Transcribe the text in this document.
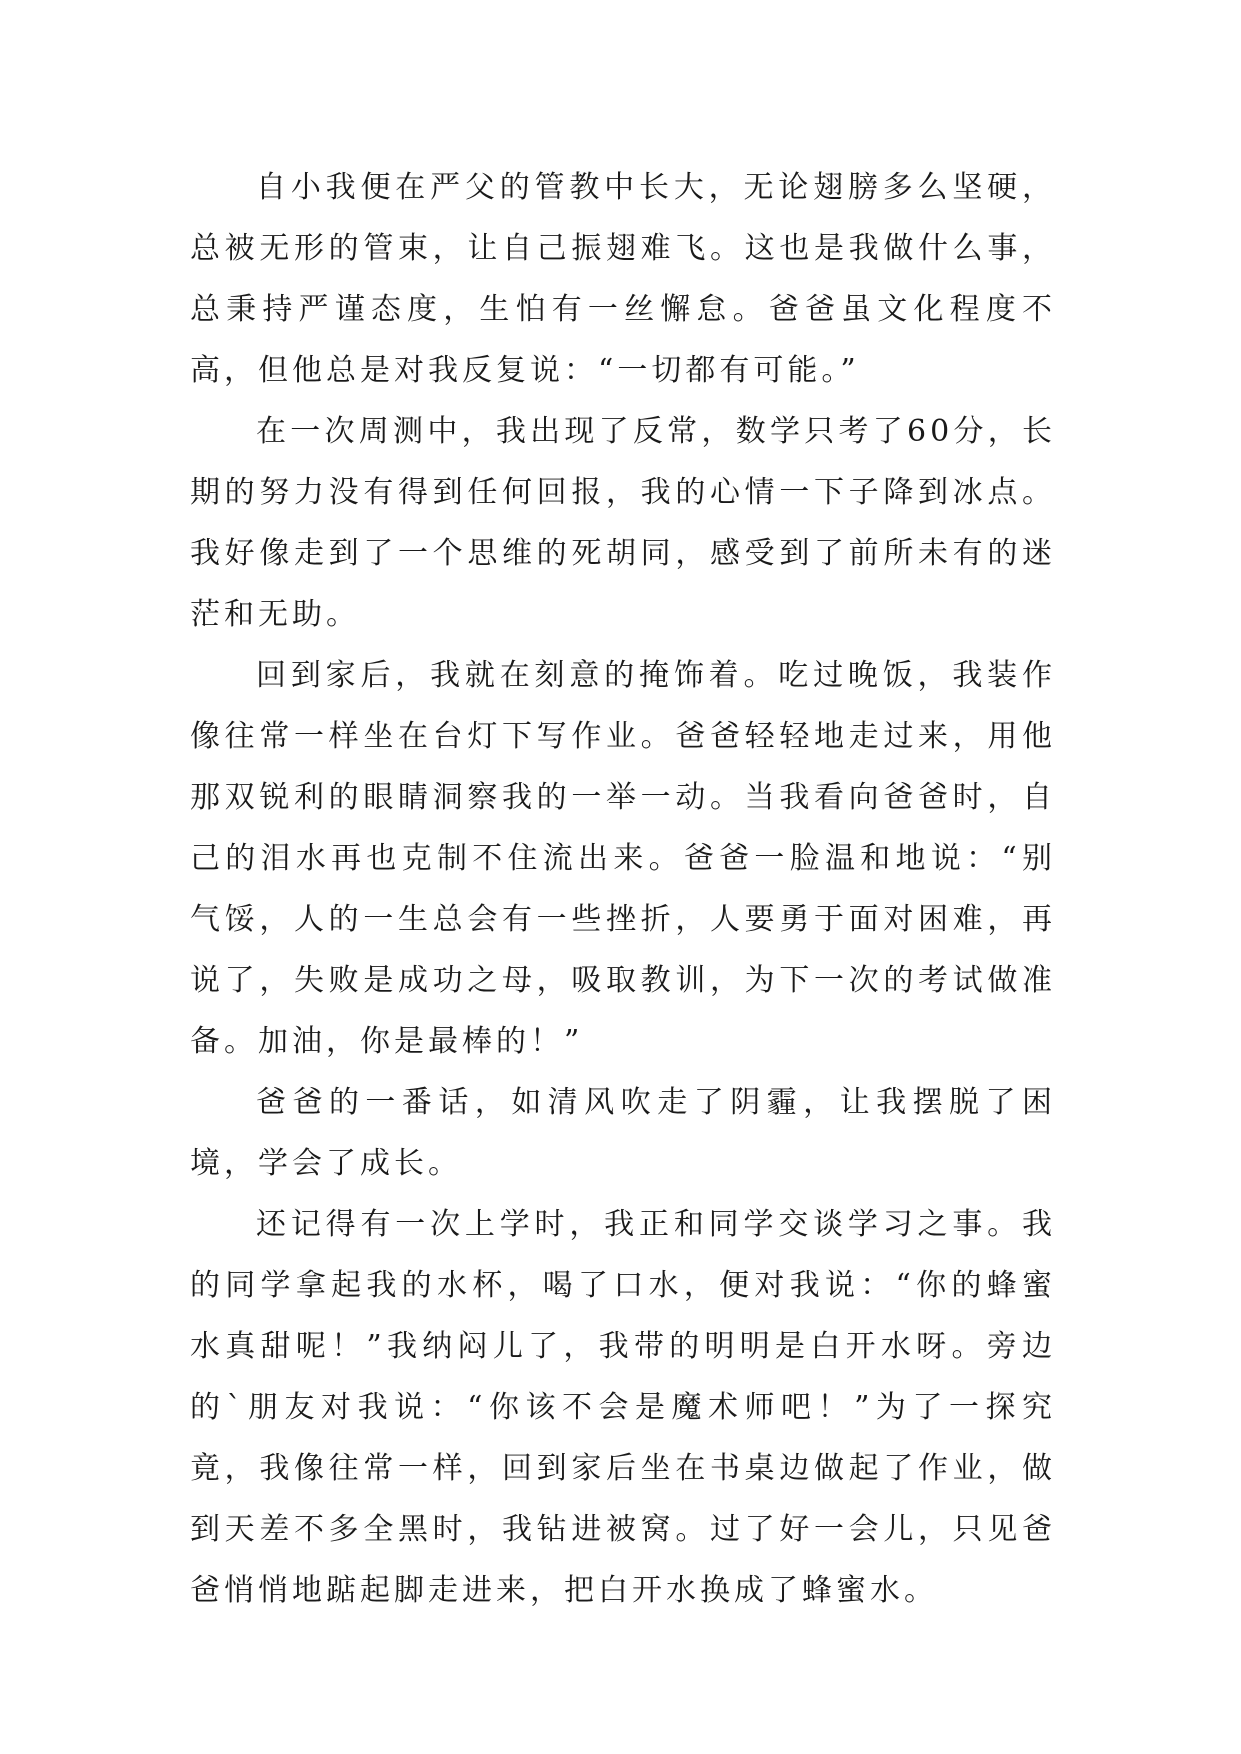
自小我便在严父的管教中长大，无论翅膀多么坚硬，总被无形的管束，让自己振翅难飞。这也是我做什么事，总秉持严谨态度，生怕有一丝懈怠。爸爸虽文化程度不高，但他总是对我反复说：“一切都有可能。”

在一次周测中，我出现了反常，数学只考了60分，长期的努力没有得到任何回报，我的心情一下子降到冰点。我好像走到了一个思维的死胡同，感受到了前所未有的迷茫和无助。

回到家后，我就在刻意的掩饰着。吃过晚饭，我装作像往常一样坐在台灯下写作业。爸爸轻轻地走过来，用他那双锐利的眼睛洞察我的一举一动。当我看向爸爸时，自己的泪水再也克制不住流出来。爸爸一脸温和地说：“别气馁，人的一生总会有一些挫折，人要勇于面对困难，再说了，失败是成功之母，吸取教训，为下一次的考试做准备。加油，你是最棒的！”

爸爸的一番话，如清风吹走了阴霾，让我摆脱了困境，学会了成长。

还记得有一次上学时，我正和同学交谈学习之事。我的同学拿起我的水杯，喝了口水，便对我说：“你的蜂蜜水真甜呢！”我纳闷儿了，我带的明明是白开水呀。旁边的`朋友对我说：“你该不会是魔术师吧！”为了一探究竟，我像往常一样，回到家后坐在书桌边做起了作业，做到天差不多全黑时，我钻进被窝。过了好一会儿，只见爸爸悄悄地踮起脚走进来，把白开水换成了蜂蜜水。
